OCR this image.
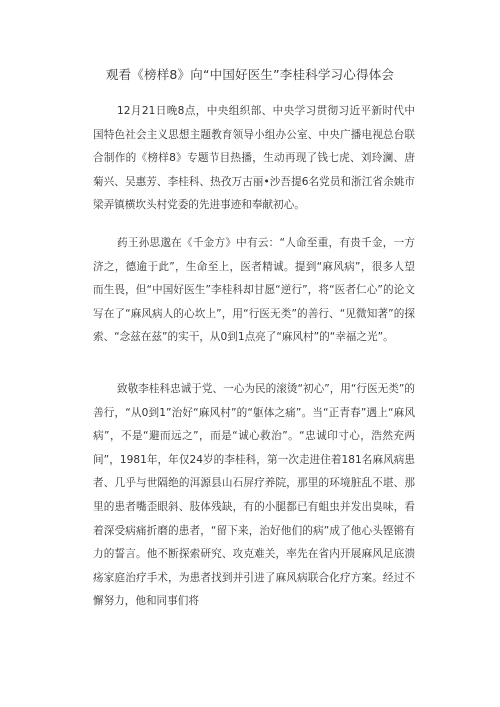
观看《榜样8》向“中国好医生”李桂科学习心得体会

12月21日晚8点，中央组织部、中央学习贯彻习近平新时代中国特色社会主义思想主题教育领导小组办公室、中央广播电视总台联合制作的《榜样8》专题节目热播，生动再现了钱七虎、刘玲澜、唐菊兴、吴惠芳、李桂科、热孜万古丽•沙吾提6名党员和浙江省余姚市梁弄镇横坎头村党委的先进事迹和奉献初心。

药王孙思邈在《千金方》中有云：“人命至重，有贵千金，一方济之，德逾于此”，生命至上，医者精诚。提到“麻风病”，很多人望而生畏，但“中国好医生”李桂科却甘愿“逆行”，将“医者仁心”的论文写在了“麻风病人的心坎上”，用“行医无类”的善行、“见微知著”的探索、“念兹在兹”的实干，从0到1点亮了“麻风村”的“幸福之光”。

致敬李桂科忠诚于党、一心为民的滚烫“初心”，用“行医无类”的善行，“从0到1”治好“麻风村”的“躯体之痛”。当“正青春”遇上“麻风病”，不是“避而远之”，而是“诚心救治”。“忠诚印寸心，浩然充两间”，1981年，年仅24岁的李桂科，第一次走进住着181名麻风病患者、几乎与世隔绝的洱源县山石屏疗养院，那里的环境脏乱不堪、那里的患者嘴歪眼斜、肢体残缺，有的小腿都已有蛆虫并发出臭味，看着深受病痛折磨的患者，“留下来，治好他们的病”成了他心头铿锵有力的誓言。他不断探索研究、攻克难关，率先在省内开展麻风足底溃疡家庭治疗手术，为患者找到并引进了麻风病联合化疗方案。经过不懈努力，他和同事们将
